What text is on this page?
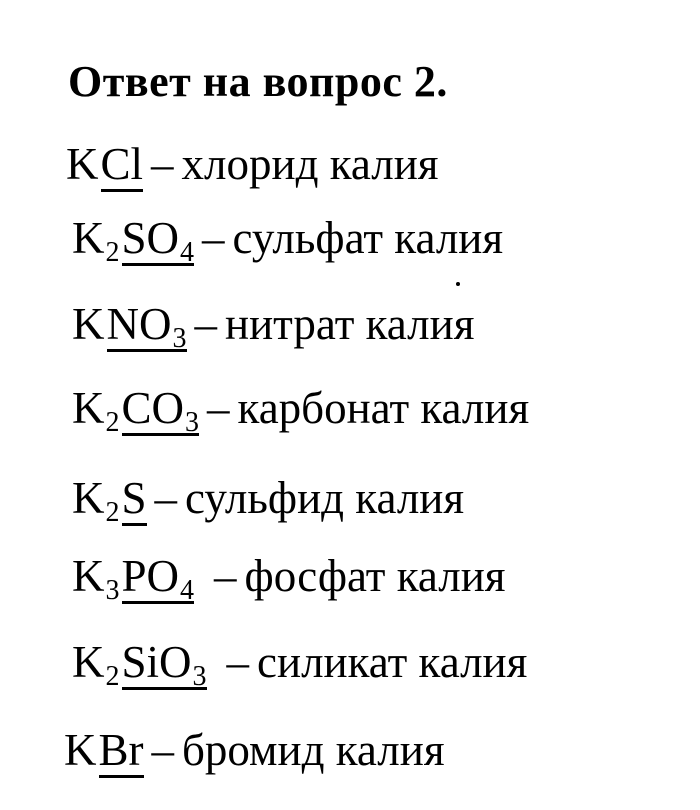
Ответ на вопрос 2.
KCl – хлорид калия
K2SO4 – сульфат калия
KNO3 – нитрат калия
K2CO3 – карбонат калия
K2S – сульфид калия
K3PO4 – фосфат калия
K2SiO3 – силикат калия
KBr – бромид калия
